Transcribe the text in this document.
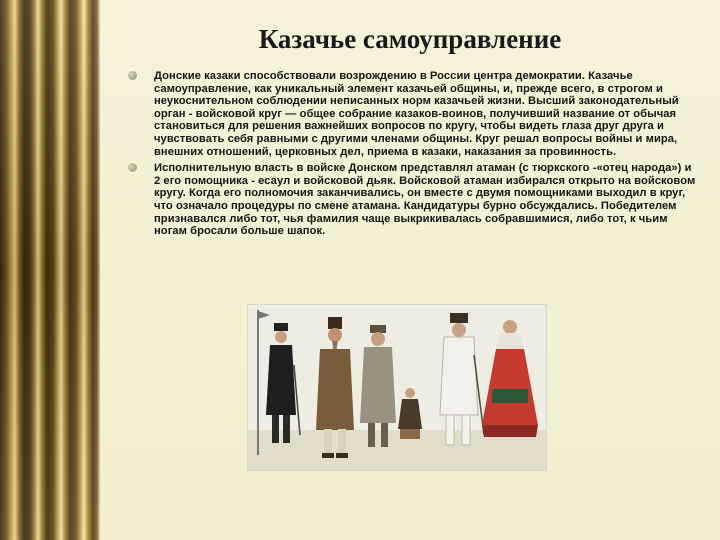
Казачье самоуправление
Донские казаки способствовали возрождению в России центра демократии. Казачье самоуправление, как уникальный элемент казачьей общины, и, прежде всего, в строгом и неукоснительном соблюдении неписанных норм казачьей жизни. Высший законодательный орган - войсковой круг — общее собрание казаков-воинов, получивший название от обычая становиться для решения важнейших вопросов по кругу, чтобы видеть глаза друг друга и чувствовать себя равными с другими членами общины. Круг решал вопросы войны и мира, внешних отношений, церковных дел, приема в казаки, наказания за провинность.
Исполнительную власть в войске Донском представлял атаман (с тюркского -«отец народа») и 2 его помощника - есаул и войсковой дьяк. Войсковой атаман избирался открыто на войсковом кругу. Когда его полномочия заканчивались, он вместе с двумя помощниками выходил в круг, что означало процедуры по смене атамана. Кандидатуры бурно обсуждались. Победителем признавался либо тот, чья фамилия чаще выкрикивалась собравшимися, либо тот, к чьим ногам бросали больше шапок.
